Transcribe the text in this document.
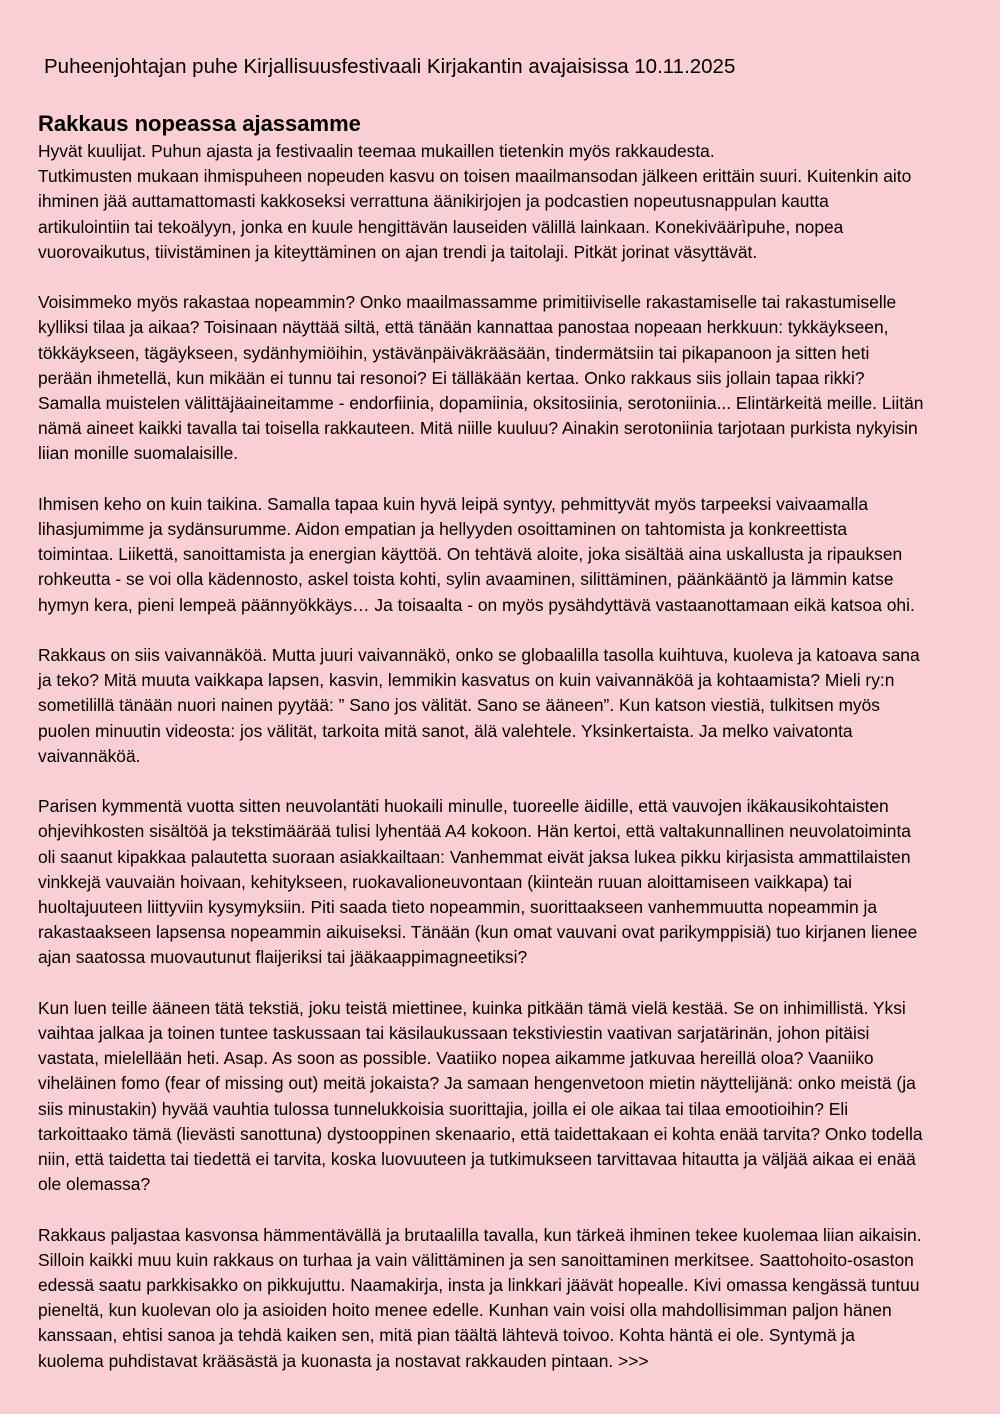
Puheenjohtajan puhe Kirjallisuusfestivaali Kirjakantin avajaisissa 10.11.2025
Rakkaus nopeassa ajassamme

Hyvät kuulijat. Puhun ajasta ja festivaalin teemaa mukaillen tietenkin myös rakkaudesta.
Tutkimusten mukaan ihmispuheen nopeuden kasvu on toisen maailmansodan jälkeen erittäin suuri. Kuitenkin aito
ihminen jää auttamattomasti kakkoseksi verrattuna äänikirjojen ja podcastien nopeutusnappulan kautta
artikulointiin tai tekoälyyn, jonka en kuule hengittävän lauseiden välillä lainkaan. Konekiväärìpuhe, nopea
vuorovaikutus, tiivistäminen ja kiteyttäminen on ajan trendi ja taitolaji. Pitkät jorinat väsyttävät.

Voisimmeko myös rakastaa nopeammin? Onko maailmassamme primitiiviselle rakastamiselle tai rakastumiselle
kylliksi tilaa ja aikaa? Toisinaan näyttää siltä, että tänään kannattaa panostaa nopeaan herkkuun: tykkäykseen,
tökkäykseen, tägäykseen, sydänhymiöihin, ystävänpäiväkrääsään, tindermätsiin tai pikapanoon ja sitten heti
perään ihmetellä, kun mikään ei tunnu tai resonoi? Ei tälläkään kertaa. Onko rakkaus siis jollain tapaa rikki?
Samalla muistelen välittäjäaineitamme - endorfiinia, dopamiinia, oksitosiinia, serotoniinia... Elintärkeitä meille. Liitän
nämä aineet kaikki tavalla tai toisella rakkauteen. Mitä niille kuuluu? Ainakin serotoniinia tarjotaan purkista nykyisin
liian monille suomalaisille.

Ihmisen keho on kuin taikina. Samalla tapaa kuin hyvä leipä syntyy, pehmittyvät myös tarpeeksi vaivaamalla
lihasjumimme ja sydänsurumme. Aidon empatian ja hellyyden osoittaminen on tahtomista ja konkreettista
toimintaa. Liikettä, sanoittamista ja energian käyttöä. On tehtävä aloite, joka sisältää aina uskallusta ja ripauksen
rohkeutta - se voi olla kädennosto, askel toista kohti, sylin avaaminen, silittäminen, päänkääntö ja lämmin katse
hymyn kera, pieni lempeä päännyökkäys… Ja toisaalta - on myös pysähdyttävä vastaanottamaan eikä katsoa ohi.

Rakkaus on siis vaivannäköä. Mutta juuri vaivannäkö, onko se globaalilla tasolla kuihtuva, kuoleva ja katoava sana
ja teko? Mitä muuta vaikkapa lapsen, kasvin, lemmikin kasvatus on kuin vaivannäköä ja kohtaamista? Mieli ry:n
sometilillä tänään nuori nainen pyytää: ” Sano jos välität. Sano se ääneen”. Kun katson viestiä, tulkitsen myös
puolen minuutin videosta: jos välität, tarkoita mitä sanot, älä valehtele. Yksinkertaista. Ja melko vaivatonta
vaivannäköä.

Parisen kymmentä vuotta sitten neuvolantäti huokaili minulle, tuoreelle äidille, että vauvojen ikäkausikohtaisten
ohjevihkosten sisältöä ja tekstimäärää tulisi lyhentää A4 kokoon. Hän kertoi, että valtakunnallinen neuvolatoiminta
oli saanut kipakkaa palautetta suoraan asiakkailtaan: Vanhemmat eivät jaksa lukea pikku kirjasista ammattilaisten
vinkkejä vauvaiän hoivaan, kehitykseen, ruokavalioneuvontaan (kiinteän ruuan aloittamiseen vaikkapa) tai
huoltajuuteen liittyviin kysymyksiin. Piti saada tieto nopeammin, suorittaakseen vanhemmuutta nopeammin ja
rakastaakseen lapsensa nopeammin aikuiseksi. Tänään (kun omat vauvani ovat parikymppisiä) tuo kirjanen lienee
ajan saatossa muovautunut flaijeriksi tai jääkaappimagneetiksi?

Kun luen teille ääneen tätä tekstiä, joku teistä miettinee, kuinka pitkään tämä vielä kestää. Se on inhimillistä. Yksi
vaihtaa jalkaa ja toinen tuntee taskussaan tai käsilaukussaan tekstiviestin vaativan sarjatärinän, johon pitäisi
vastata, mielellään heti. Asap. As soon as possible. Vaatiiko nopea aikamme jatkuvaa hereillä oloa? Vaaniiko
viheläinen fomo (fear of missing out) meitä jokaista? Ja samaan hengenvetoon mietin näyttelijänä: onko meistä (ja
siis minustakin) hyvää vauhtia tulossa tunnelukkoisia suorittajia, joilla ei ole aikaa tai tilaa emootioihin? Eli
tarkoittaako tämä (lievästi sanottuna) dystooppinen skenaario, että taidettakaan ei kohta enää tarvita? Onko todella
niin, että taidetta tai tiedettä ei tarvita, koska luovuuteen ja tutkimukseen tarvittavaa hitautta ja väljää aikaa ei enää
ole olemassa?

Rakkaus paljastaa kasvonsa hämmentävällä ja brutaalilla tavalla, kun tärkeä ihminen tekee kuolemaa liian aikaisin.
Silloin kaikki muu kuin rakkaus on turhaa ja vain välittäminen ja sen sanoittaminen merkitsee. Saattohoito-osaston
edessä saatu parkkisakko on pikkujuttu. Naamakirja, insta ja linkkari jäävät hopealle. Kivi omassa kengässä tuntuu
pieneltä, kun kuolevan olo ja asioiden hoito menee edelle. Kunhan vain voisi olla mahdollisimman paljon hänen
kanssaan, ehtisi sanoa ja tehdä kaiken sen, mitä pian täältä lähtevä toivoo. Kohta häntä ei ole. Syntymä ja
kuolema puhdistavat krääsästä ja kuonasta ja nostavat rakkauden pintaan. >>>
